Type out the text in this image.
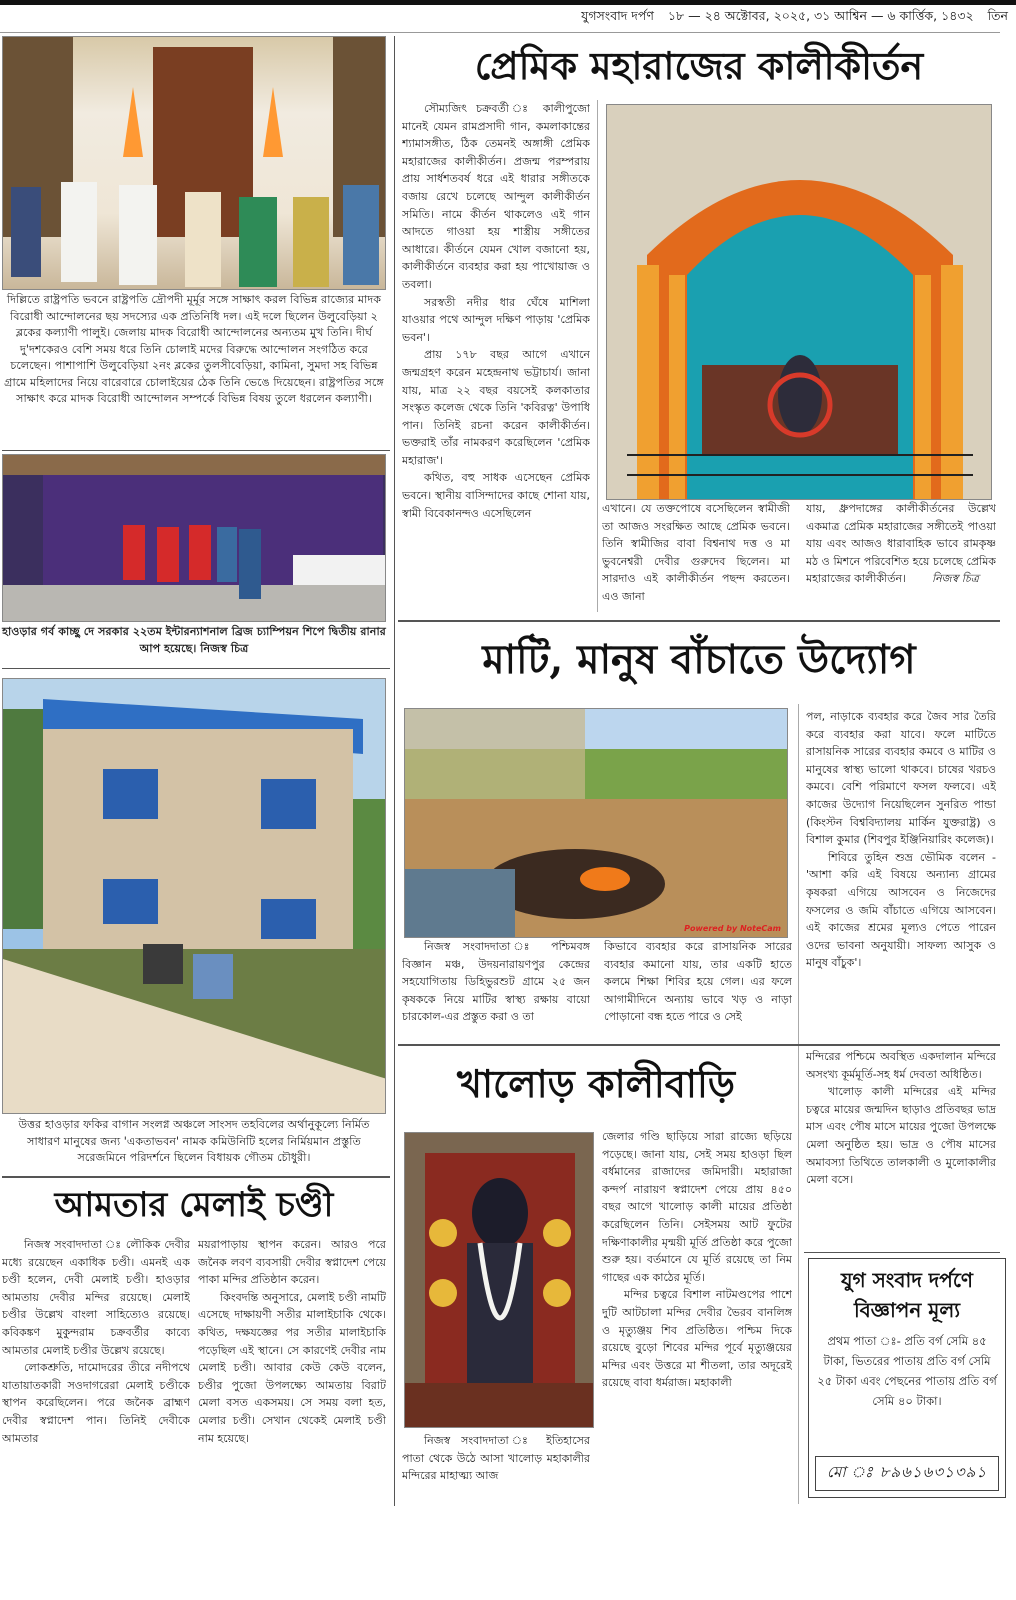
যুগসংবাদ দর্পণ ১৮ — ২৪ অক্টোবর, ২০২৫, ৩১ আশ্বিন — ৬ কার্ত্তিক, ১৪৩২ তিন
দিল্লিতে রাষ্ট্রপতি ভবনে রাষ্ট্রপতি দ্রৌপদী মূর্মূর সঙ্গে সাক্ষাৎ করল বিভিন্ন রাজ্যের মাদক বিরোধী আন্দোলনের ছয় সদস্যের এক প্রতিনিধি দল। এই দলে ছিলেন উলুবেড়িয়া ২ ব্লকের কল্যাণী পালুই। জেলায় মাদক বিরোধী আন্দোলনের অন্যতম মুখ তিনি। দীর্ঘ দু'দশকেরও বেশি সময় ধরে তিনি চোলাই মদের বিরুদ্ধে আন্দোলন সংগঠিত করে চলেছেন। পাশাপাশি উলুবেড়িয়া ২নং ব্লকের তুলসীবেড়িয়া, কামিনা, সুমদা সহ বিভিন্ন গ্রামে মহিলাদের নিয়ে বারেবারে চোলাইয়ের ঠেক তিনি ভেঙে দিয়েছেন। রাষ্ট্রপতির সঙ্গে সাক্ষাৎ করে মাদক বিরোধী আন্দোলন সম্পর্কে বিভিন্ন বিষয় তুলে ধরলেন কল্যাণী।
হাওড়ার গর্ব কাচ্ছু দে সরকার ২২তম ইন্টারন্যাশনাল ব্রিজ চ্যাম্পিয়ন শিপে দ্বিতীয় রানার আপ হয়েছে। নিজস্ব চিত্র
উত্তর হাওড়ার ফকির বাগান সংলগ্ন অঞ্চলে সাংসদ তহবিলের অর্থানুকূল্যে নির্মিত সাধারণ মানুষের জন্য 'একতাভবন' নামক কমিউনিটি হলের নির্মিয়মান প্রস্তুতি সরেজমিনে পরিদর্শনে ছিলেন বিধায়ক গৌতম চৌধুরী।
আমতার মেলাই চণ্ডী

নিজস্ব সংবাদদাতা ঃ লৌকিক দেবীর মধ্যে রয়েছেন একাধিক চণ্ডী। এমনই এক চণ্ডী হলেন, দেবী মেলাই চণ্ডী। হাওড়ার আমতায় দেবীর মন্দির রয়েছে। মেলাই চণ্ডীর উল্লেখ বাংলা সাহিত্যেও রয়েছে। কবিকঙ্কণ মুকুন্দরাম চক্রবর্তীর কাব্যে আমতার মেলাই চণ্ডীর উল্লেখ রয়েছে।

লোকশ্রুতি, দামোদরের তীরে নদীপথে যাতায়াতকারী সওদাগরেরা মেলাই চণ্ডীকে স্থাপন করেছিলেন। পরে জনৈক ব্রাহ্মণ দেবীর স্বপ্নাদেশ পান। তিনিই দেবীকে আমতার

ময়রাপাড়ায় স্থাপন করেন। আরও পরে জনৈক লবণ ব্যবসায়ী দেবীর স্বপ্নাদেশ পেয়ে পাকা মন্দির প্রতিষ্ঠান করেন।

কিংবদন্তি অনুসারে, মেলাই চণ্ডী নামটি এসেছে দাক্ষায়ণী সতীর মালাইচাকি থেকে। কথিত, দক্ষযজ্ঞের পর সতীর মালাইচাকি পড়েছিল এই স্থানে। সে কারণেই দেবীর নাম মেলাই চণ্ডী। আবার কেউ কেউ বলেন, চণ্ডীর পুজো উপলক্ষ্যে আমতায় বিরাট মেলা বসত একসময়। সে সময় বলা হত, মেলার চণ্ডী। সেখান থেকেই মেলাই চণ্ডী নাম হয়েছে।

প্রেমিক মহারাজের কালীকীর্তন

সৌম্যজিৎ চক্রবর্তী ঃ কালীপুজো মানেই যেমন রামপ্রসাদী গান, কমলাকান্তের শ্যামাসঙ্গীত, ঠিক তেমনই অঙ্গাঙ্গী প্রেমিক মহারাজের কালীকীর্তন। প্রজন্ম পরম্পরায় প্রায় সার্ধশতবর্ষ ধরে এই ধারার সঙ্গীতকে বজায় রেখে চলেছে আন্দুল কালীকীর্তন সমিতি। নামে কীর্তন থাকলেও এই গান আদতে গাওয়া হয় শাস্ত্রীয় সঙ্গীতের আধারে। কীর্তনে যেমন খোল বজানো হয়, কালীকীর্তনে ব্যবহার করা হয় পাখোয়াজ ও তবলা।

সরস্বতী নদীর ধার ঘেঁষে মাশিলা যাওয়ার পথে আন্দুল দক্ষিণ পাড়ায় 'প্রেমিক ভবন'।

প্রায় ১৭৮ বছর আগে এখানে জন্মগ্রহণ করেন মহেন্দ্রনাথ ভট্টাচার্য। জানা যায়, মাত্র ২২ বছর বয়সেই কলকাতার সংস্কৃত কলেজ থেকে তিনি 'কবিরত্ন' উপাধি পান। তিনিই রচনা করেন কালীকীর্তন। ভক্তরাই তাঁর নামকরণ করেছিলেন 'প্রেমিক মহারাজ'।

কথিত, বহু সাধক এসেছেন প্রেমিক ভবনে। স্থানীয় বাসিন্দাদের কাছে শোনা যায়, স্বামী বিবেকানন্দও এসেছিলেন	এখানে। যে তক্তপোষে বসেছিলেন স্বামীজী তা আজও সংরক্ষিত আছে প্রেমিক ভবনে। তিনি স্বামীজির বাবা বিশ্বনাথ দত্ত ও মা ভুবনেশ্বরী দেবীর গুরুদেব ছিলেন। মা সারদাও এই কালীকীর্তন পছন্দ করতেন। এও জানা

যায়, ধ্রুপদাঙ্গের কালীকীর্তনের উল্লেখ একমাত্র প্রেমিক মহারাজের সঙ্গীতেই পাওয়া যায় এবং আজও ধারাবাহিক ভাবে রামকৃষ্ণ মঠ ও মিশনে পরিবেশিত হয়ে চলেছে প্রেমিক মহারাজের কালীকীর্তন। নিজস্ব চিত্র

মাটি, মানুষ বাঁচাতে উদ্যোগ
Powered by NoteCam

নিজস্ব সংবাদদাতা ঃ পশ্চিমবঙ্গ বিজ্ঞান মঞ্চ, উদয়নারায়ণপুর কেন্দ্রের সহযোগিতায় ডিহিভুরশুট গ্রামে ২৫ জন কৃষককে নিয়ে মাটির স্বাস্থ্য রক্ষায় বায়ো চারকোল-এর প্রস্তুত করা ও তা

কিভাবে ব্যবহার করে রাসায়নিক সারের ব্যবহার কমানো যায়, তার একটি হাতে কলমে শিক্ষা শিবির হয়ে গেল। এর ফলে আগামীদিনে অন্যায় ভাবে খড় ও নাড়া পোড়ানো বন্ধ হতে পারে ও সেই

পল, নাড়াকে ব্যবহার করে জৈব সার তৈরি করে ব্যবহার করা যাবে। ফলে মাটিতে রাসায়নিক সারের ব্যবহার কমবে ও মাটির ও মানুষের স্বাস্থ্য ভালো থাকবে। চাষের খরচও কমবে। বেশি পরিমাণে ফসল ফলবে। এই কাজের উদ্যোগ নিয়েছিলেন সুনরিত পান্ডা (কিংস্টন বিশ্ববিদ্যালয় মার্কিন যুক্তরাষ্ট্র) ও বিশাল কুমার (শিবপুর ইঞ্জিনিয়ারিং কলেজ)।

শিবিরে তুহিন শুভ্র ভৌমিক বলেন - 'আশা করি এই বিষয়ে অন্যান্য গ্রামের কৃষকরা এগিয়ে আসবেন ও নিজেদের ফসলের ও জমি বাঁচাতে এগিয়ে আসবেন। এই কাজের শ্রমের মূল্যও পেতে পারেন ওদের ভাবনা অনুযায়ী। সাফল্য আসুক ও মানুষ বাঁচুক'।

খালোড় কালীবাড়ি

নিজস্ব সংবাদদাতা ঃ ইতিহাসের পাতা থেকে উঠে আসা খালোড় মহাকালীর মন্দিরের মাহাত্ম্য আজ

জেলার গণ্ডি ছাড়িয়ে সারা রাজ্যে ছড়িয়ে পড়েছে। জানা যায়, সেই সময় হাওড়া ছিল বর্ধমানের রাজাদের জমিদারী। মহারাজা কন্দর্প নারায়ণ স্বপ্নাদেশ পেয়ে প্রায় ৪৫০ বছর আগে খালোড় কালী মায়ের প্রতিষ্ঠা করেছিলেন তিনি। সেইসময় আট ফুটের দক্ষিণাকালীর মৃন্ময়ী মূর্তি প্রতিষ্ঠা করে পুজো শুরু হয়। বর্তমানে যে মূর্তি রয়েছে তা নিম গাছের এক কাঠের মূর্তি।

মন্দির চত্বরে বিশাল নাটমণ্ডপের পাশে দুটি আটচালা মন্দির দেবীর ভৈরব বানলিঙ্গ ও মৃত্যুঞ্জয় শিব প্রতিষ্ঠিত। পশ্চিম দিকে রয়েছে বুড়ো শিবের মন্দির পূর্বে মৃত্যুঞ্জয়ের মন্দির এবং উত্তরে মা শীতলা, তার অদূরেই রয়েছে বাবা ধর্মরাজ। মহাকালী

মন্দিরের পশ্চিমে অবস্থিত একদালান মন্দিরে অসংখ্য কূর্মমূর্তি-সহ ধর্ম দেবতা অধিষ্ঠিত।

খালোড় কালী মন্দিরের এই মন্দির চত্বরে মায়ের জন্মদিন ছাড়াও প্রতিবছর ভাদ্র মাস এবং পৌষ মাসে মায়ের পুজো উপলক্ষে মেলা অনুষ্ঠিত হয়। ভাদ্র ও পৌষ মাসের অমাবস্যা তিথিতে তালকালী ও মুলোকালীর মেলা বসে।

যুগ সংবাদ দর্পণে
বিজ্ঞাপন মূল্য
প্রথম পাতা ঃ- প্রতি বর্গ সেমি ৪৫ টাকা, ভিতরের পাতায় প্রতি বর্গ সেমি ২৫ টাকা এবং পেছনের পাতায় প্রতি বর্গ সেমি ৪০ টাকা।
মো ঃ ৮৯৬১৬৩১৩৯১
